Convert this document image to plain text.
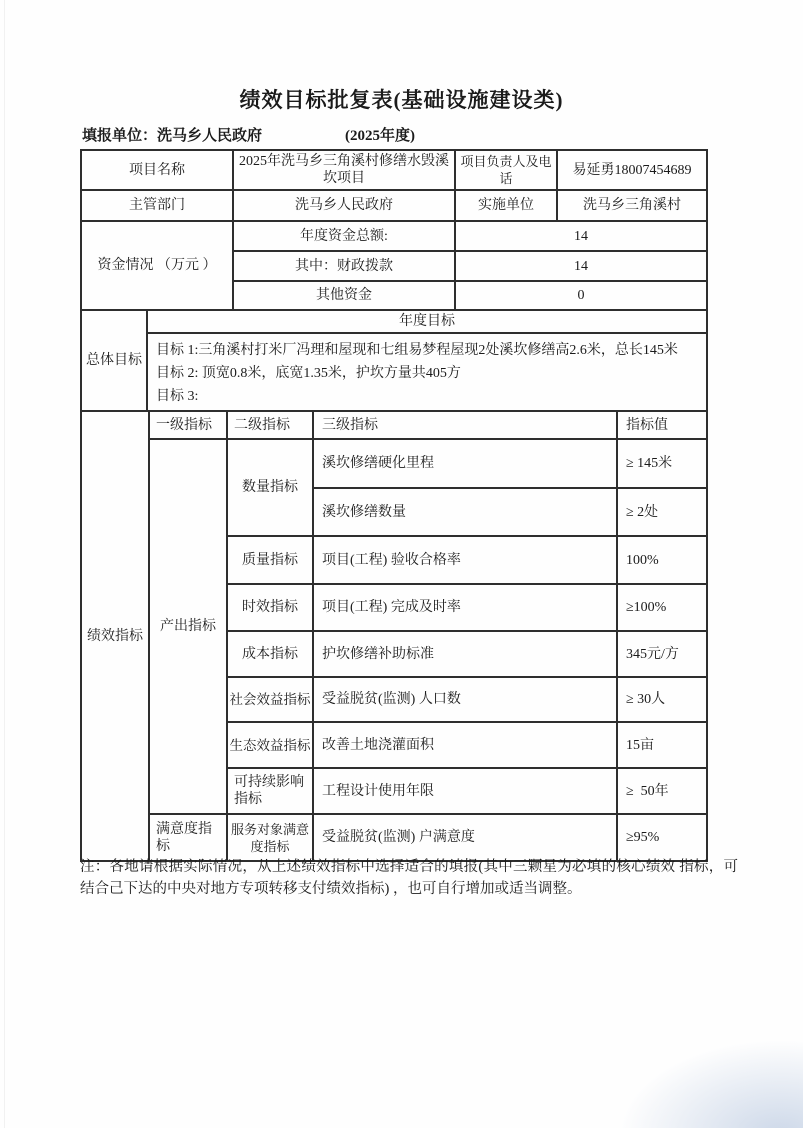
绩效目标批复表(基础设施建设类)
填报单位：洗马乡人民政府	(2025年度)
项目名称	2025年洗马乡三角溪村修缮水毁溪坎项目	项目负责人及电话	易延勇18007454689
主管部门	洗马乡人民政府	实施单位	洗马乡三角溪村
资金情况 （万元 ）	年度资金总额:	14
	其中：财政拨款	14
	其他资金	0
总体目标	年度目标

目标 1:三角溪村打米厂冯理和屋现和七组易梦程屋现2处溪坎修缮高2.6米，总长145米
目标 2: 顶宽0.8米，底宽1.35米，护坎方量共405方
目标 3:
绩效指标	一级指标	二级指标	三级指标	指标值
	产出指标	数量指标	溪坎修缮硬化里程	≥ 145米
			溪坎修缮数量	≥ 2处
		质量指标	项目(工程) 验收合格率	100%
		时效指标	项目(工程) 完成及时率	≥100%
		成本指标	护坎修缮补助标准	345元/方
		社会效益指标	受益脱贫(监测) 人口数	≥ 30人
		生态效益指标	改善土地浇灌面积	15亩
		可持续影响指标	工程设计使用年限	≥  50年
	满意度指标	服务对象满意度指标	受益脱贫(监测) 户满意度	≥95%
注：各地请根据实际情况，从上述绩效指标中选择适合的填报(其中三颗星为必填的核心绩效 指标，可结合己下达的中央对地方专项转移支付绩效指标) ，也可自行增加或适当调整。
